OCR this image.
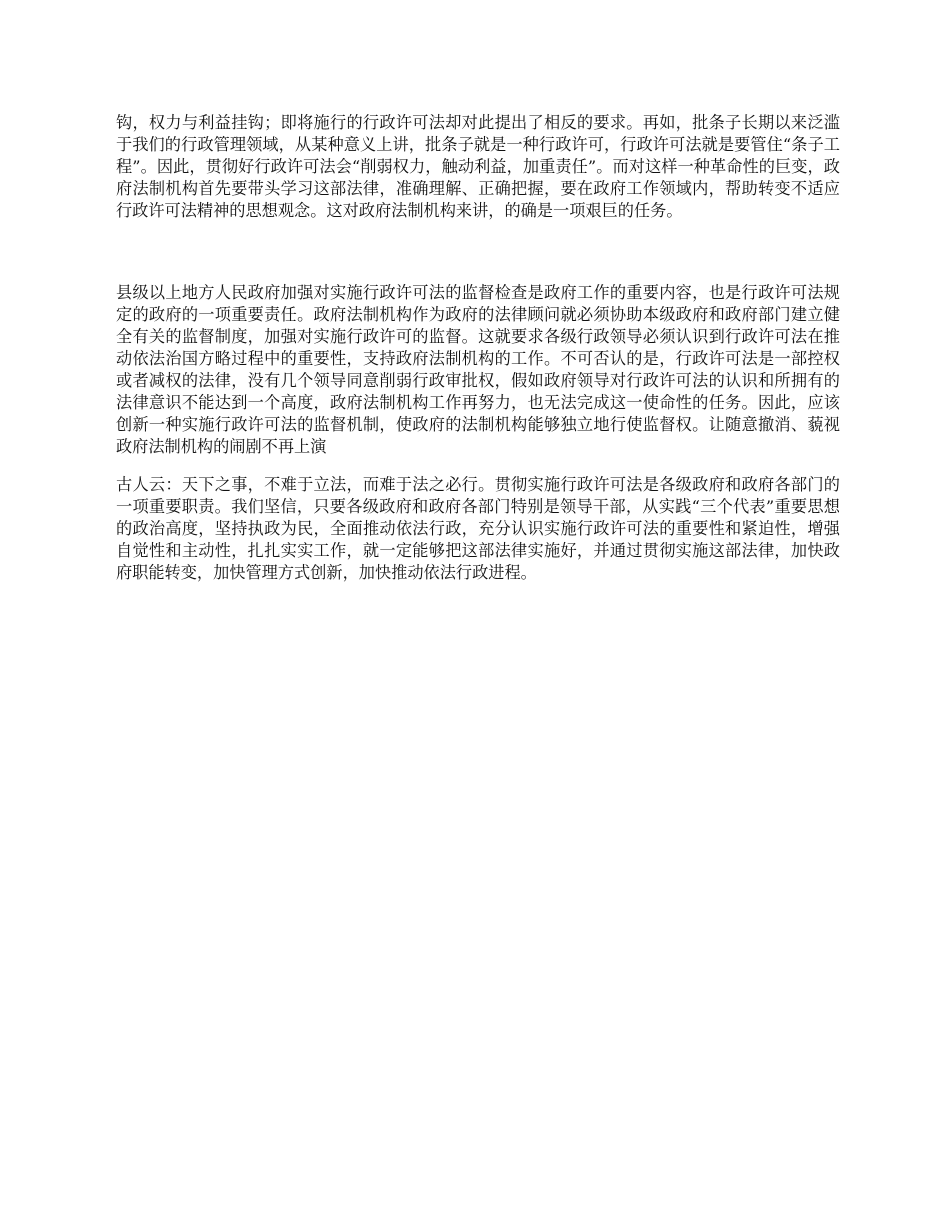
钩，权力与利益挂钩；即将施行的行政许可法却对此提出了相反的要求。再如，批条子长期以来泛滥于我们的行政管理领域，从某种意义上讲，批条子就是一种行政许可，行政许可法就是要管住“条子工程”。因此，贯彻好行政许可法会“削弱权力，触动利益，加重责任”。而对这样一种革命性的巨变，政府法制机构首先要带头学习这部法律，准确理解、正确把握，要在政府工作领域内，帮助转变不适应行政许可法精神的思想观念。这对政府法制机构来讲，的确是一项艰巨的任务。

县级以上地方人民政府加强对实施行政许可法的监督检查是政府工作的重要内容，也是行政许可法规定的政府的一项重要责任。政府法制机构作为政府的法律顾问就必须协助本级政府和政府部门建立健全有关的监督制度，加强对实施行政许可的监督。这就要求各级行政领导必须认识到行政许可法在推动依法治国方略过程中的重要性，支持政府法制机构的工作。不可否认的是，行政许可法是一部控权或者减权的法律，没有几个领导同意削弱行政审批权，假如政府领导对行政许可法的认识和所拥有的法律意识不能达到一个高度，政府法制机构工作再努力，也无法完成这一使命性的任务。因此，应该创新一种实施行政许可法的监督机制，使政府的法制机构能够独立地行使监督权。让随意撤消、藐视政府法制机构的闹剧不再上演

古人云：天下之事，不难于立法，而难于法之必行。贯彻实施行政许可法是各级政府和政府各部门的一项重要职责。我们坚信，只要各级政府和政府各部门特别是领导干部，从实践“三个代表”重要思想的政治高度，坚持执政为民，全面推动依法行政，充分认识实施行政许可法的重要性和紧迫性，增强自觉性和主动性，扎扎实实工作，就一定能够把这部法律实施好，并通过贯彻实施这部法律，加快政府职能转变，加快管理方式创新，加快推动依法行政进程。
